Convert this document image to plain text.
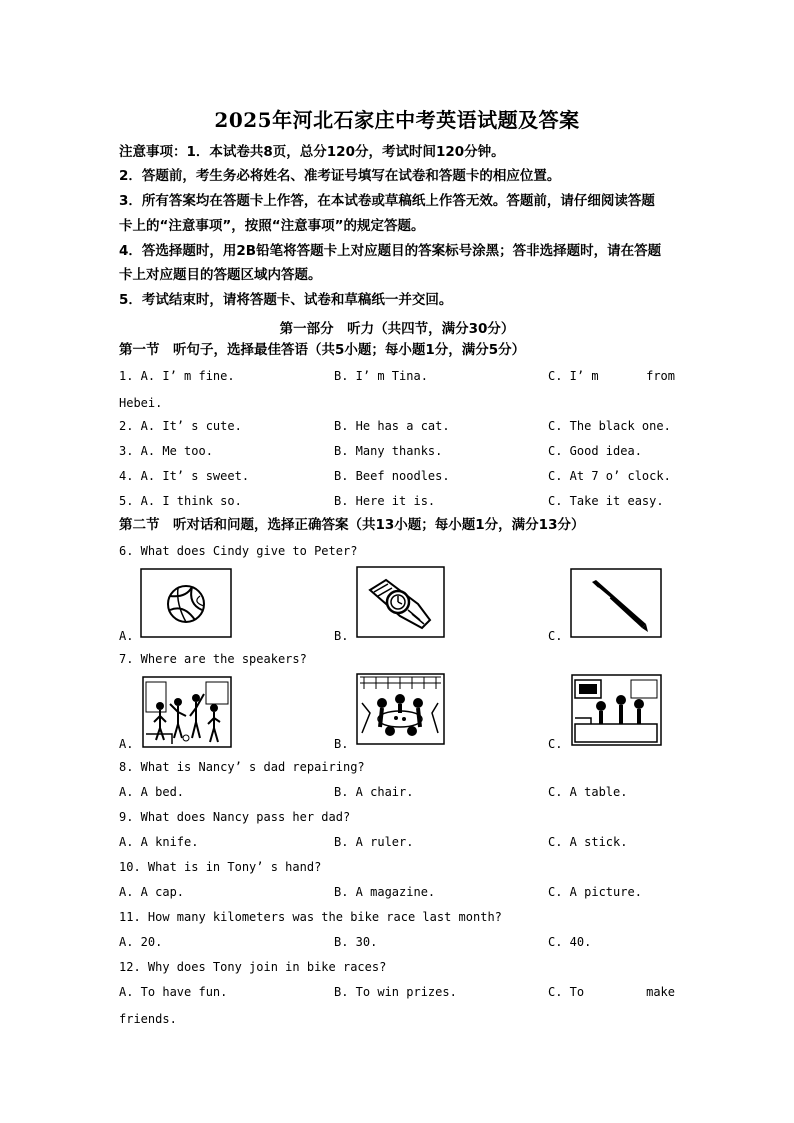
2025年河北石家庄中考英语试题及答案
注意事项：1．本试卷共8页，总分120分，考试时间120分钟。
2．答题前，考生务必将姓名、准考证号填写在试卷和答题卡的相应位置。
3．所有答案均在答题卡上作答，在本试卷或草稿纸上作答无效。答题前，请仔细阅读答题
卡上的“注意事项”，按照“注意事项”的规定答题。
4．答选择题时，用2B铅笔将答题卡上对应题目的答案标号涂黑；答非选择题时，请在答题
卡上对应题目的答题区域内答题。
5．考试结束时，请将答题卡、试卷和草稿纸一并交回。
第一部分　听力（共四节，满分30分）
第一节　听句子，选择最佳答语（共5小题；每小题1分，满分5分）
1. A. I’ m fine.	B. I’ m Tina.	C. I’ m	from
Hebei.
2. A. It’ s cute.	B. He has a cat.	C. The black one.
3. A. Me too.	B. Many thanks.	C. Good idea.
4. A. It’ s sweet.	B. Beef noodles.	C. At 7 o’ clock.
5. A. I think so.	B. Here it is.	C. Take it easy.
第二节　听对话和问题，选择正确答案（共13小题；每小题1分，满分13分）
6. What does Cindy give to Peter?
A.	B.	C.
7. Where are the speakers?
A.	B.	C.
8. What is Nancy’ s dad repairing?
A. A bed.	B. A chair.	C. A table.
9. What does Nancy pass her dad?
A. A knife.	B. A ruler.	C. A stick.
10. What is in Tony’ s hand?
A. A cap.	B. A magazine.	C. A picture.
11. How many kilometers was the bike race last month?
A. 20.	B. 30.	C. 40.
12. Why does Tony join in bike races?
A. To have fun.	B. To win prizes.	C. To	make
friends.
